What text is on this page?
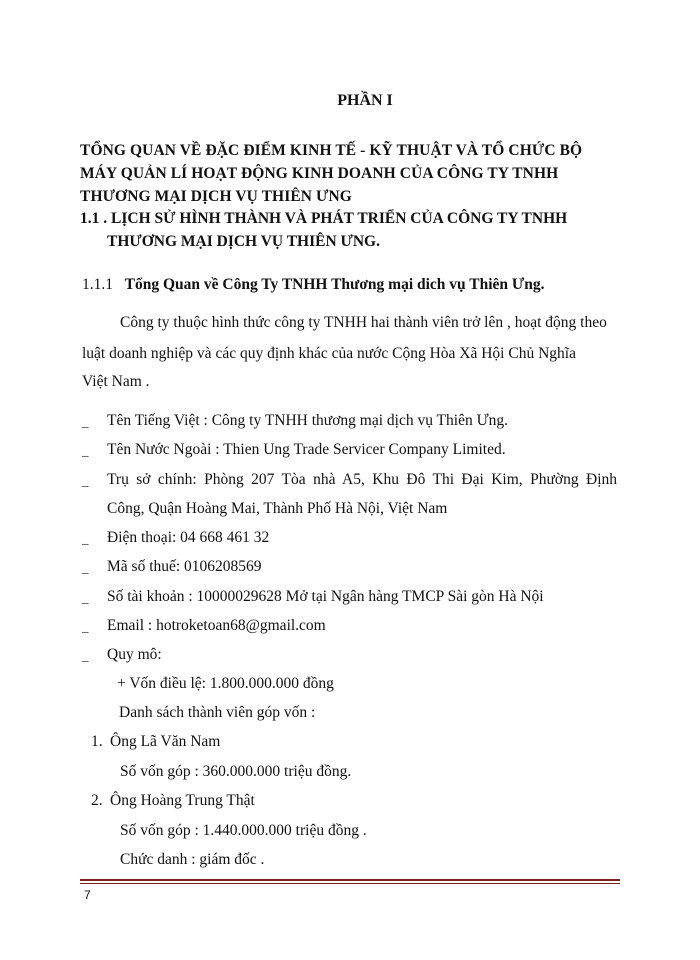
PHẦN I
TỔNG QUAN VỀ ĐẶC ĐIỂM KINH TẾ - KỸ THUẬT VÀ TỔ CHỨC BỘ
MÁY QUẢN LÍ HOẠT ĐỘNG KINH DOANH CỦA CÔNG TY TNHH
THƯƠNG MẠI DỊCH VỤ THIÊN ƯNG
1.1 . LỊCH SỬ HÌNH THÀNH VÀ PHÁT TRIỂN CỦA CÔNG TY TNHH
THƯƠNG MẠI DỊCH VỤ THIÊN ƯNG.
1.1.1 Tổng Quan về Công Ty TNHH Thương mại dich vụ Thiên Ưng.
Công ty thuộc hình thức công ty TNHH hai thành viên trở lên , hoạt động theo
luật doanh nghiệp và các quy định khác của nước Cộng Hòa Xã Hội Chủ Nghĩa
Việt Nam .
_ Tên Tiếng Việt : Công ty TNHH thương mại dịch vụ Thiên Ưng.
_ Tên Nước Ngoài : Thien Ung Trade Servicer Company Limited.
_ Trụ sở chính: Phòng 207 Tòa nhà A5, Khu Đô Thi Đại Kim, Phường Định
Công, Quận Hoàng Mai, Thành Phố Hà Nội, Việt Nam
_ Điện thoại: 04 668 461 32
_ Mã số thuế: 0106208569
_ Số tài khoản : 10000029628 Mở tại Ngân hàng TMCP Sài gòn Hà Nội
_ Email : hotroketoan68@gmail.com
_ Quy mô:
+ Vốn điều lệ: 1.800.000.000 đồng
Danh sách thành viên góp vốn :
1. Ông Lã Văn Nam
Số vốn góp : 360.000.000 triệu đồng.
2. Ông Hoàng Trung Thật
Số vốn góp : 1.440.000.000 triệu đồng .
Chức danh : giám đốc .
7
